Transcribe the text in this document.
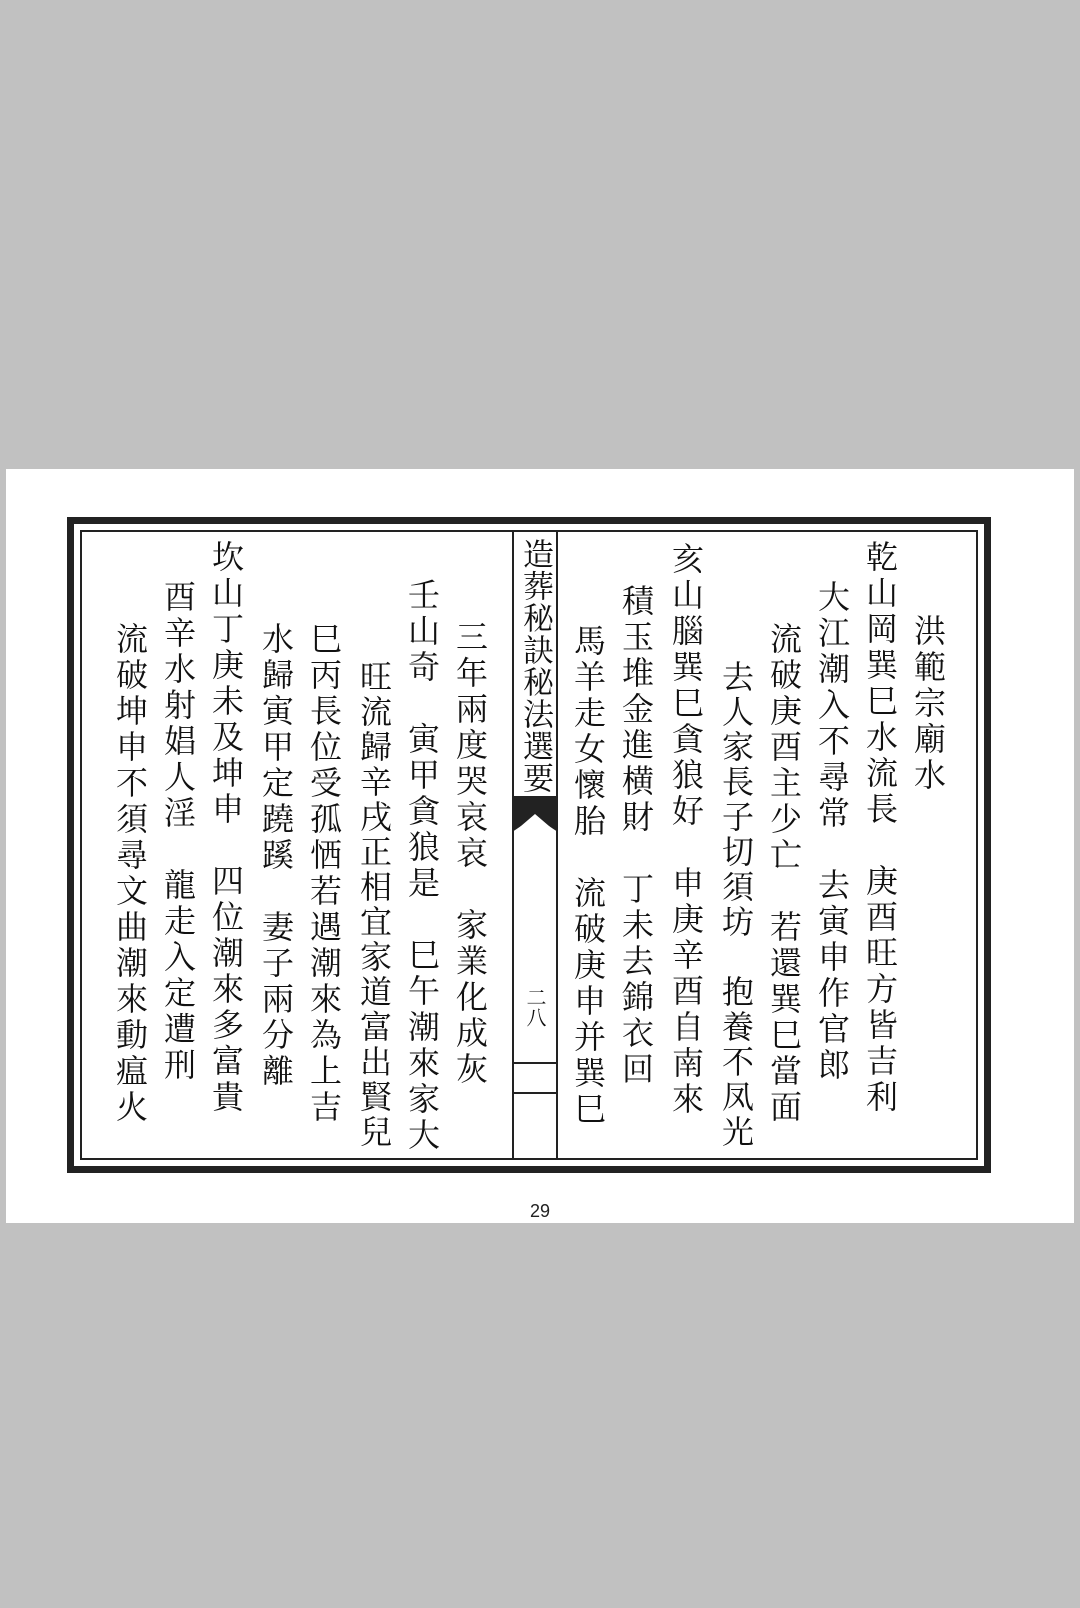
洪範宗廟水
乾山岡巽巳水流長　庚酉旺方皆吉利
大江潮入不尋常　去寅申作官郎
流破庚酉主少亡　若還巽巳當面
去人家長子切須坊　抱養不凤光
亥山腦巽巳貪狼好　申庚辛酉自南來
積玉堆金進横財　丁未去錦衣回
馬羊走女懷胎　流破庚申并巽巳
造葬秘訣秘法選要
二八
三年兩度哭哀哀　家業化成灰
壬山奇　寅甲貪狼是　巳午潮來家大
旺流歸辛戌正相宜家道富出賢兒
巳丙長位受孤恓若遇潮來為上吉
水歸寅甲定蹺蹊　妻子兩分離
坎山丁庚未及坤申　四位潮來多富貴
酉辛水射娼人淫　龍走入定遭刑
流破坤申不須尋文曲潮來動瘟火
29
